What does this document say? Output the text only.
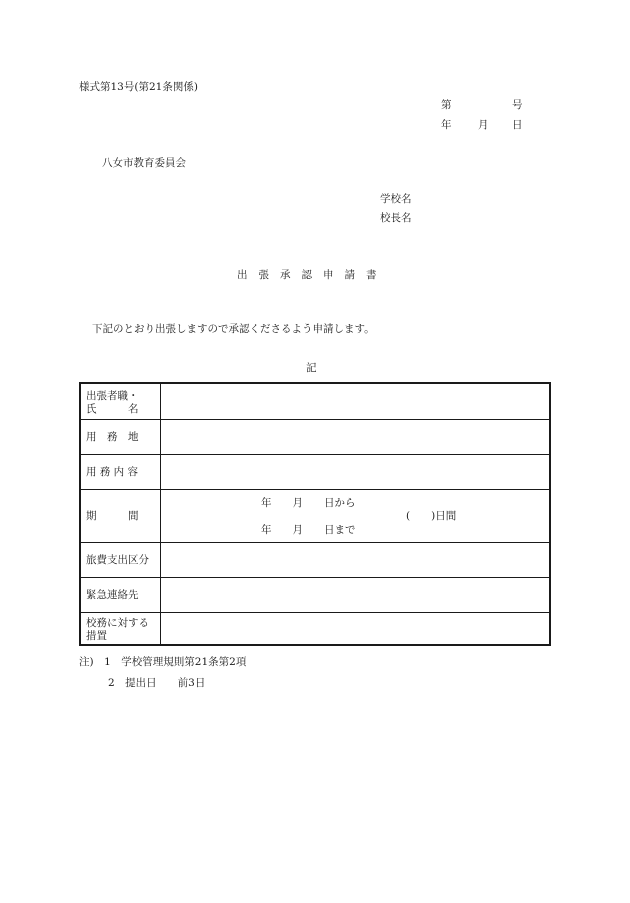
様式第13号(第21条関係)
第	号
年	月 日
八女市教育委員会
学校名
校長名
出 張 承 認 申 請 書
下記のとおり出張しますので承認くださるよう申請します。
記
出張者職・
氏　　　名
用　務　地
用 務 内 容
期　　　間
年　　月　　日から
年　　月　　日まで
(　　)日間
旅費支出区分
緊急連絡先
校務に対する
措置
注)　1　学校管理規則第21条第2項
2　提出日　　前3日
